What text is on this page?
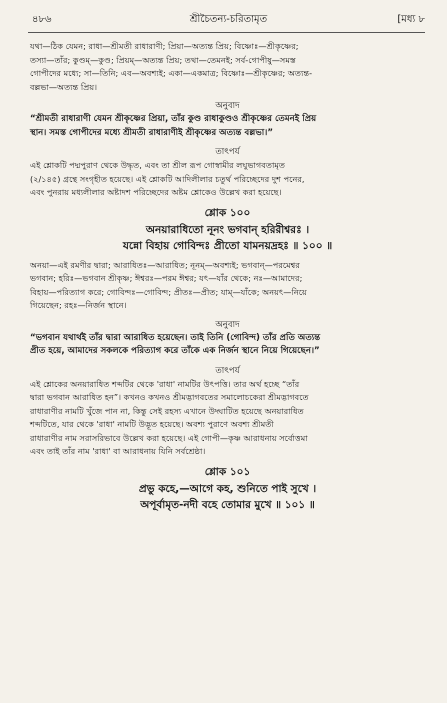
৪৮৬	শ্রীচৈতন্য-চরিতামৃত	[মধ্য ৮

যথা—ঠিক যেমন; রাধা—শ্রীমতী রাধারাণী; প্রিয়া—অত্যন্ত প্রিয়; বিষ্ণোঃ—শ্রীকৃষ্ণের;

তস্যা—তাঁর; কুণ্ডম্—কুণ্ড; প্রিয়ম্—অত্যন্ত প্রিয়; তথা—তেমনই; সর্ব-গোপীষু—সমস্ত

গোপীদের মধ্যে; সা—তিনি; এব—অবশ্যই; একা—একমাত্র; বিষ্ণোঃ—শ্রীকৃষ্ণের; অত্যন্ত-

বল্লভা—অত্যন্ত প্রিয়।

অনুবাদ

“শ্রীমতী রাধারাণী যেমন শ্রীকৃষ্ণের প্রিয়া, তাঁর কুণ্ড রাধাকুণ্ডও শ্রীকৃষ্ণের তেমনই প্রিয়

স্থান। সমস্ত গোপীদের মধ্যে শ্রীমতী রাধারাণীই শ্রীকৃষ্ণের অত্যন্ত বল্লভা।”

তাৎপর্য

এই শ্লোকটি পদ্মপুরাণ থেকে উদ্ধৃত, এবং তা শ্রীল রূপ গোস্বামীর লঘুভাগবতামৃত

(২/১৪৫) গ্রন্থে সংগৃহীত হয়েছে। এই শ্লোকটি আদিলীলার চতুর্থ পরিচ্ছেদের দুশ পনের,

এবং পুনরায় মধ্যলীলার অষ্টাদশ পরিচ্ছেদের অষ্টম শ্লোকেও উল্লেখ করা হয়েছে।

শ্লোক ১০০

অনয়ারাধিতো নূনং ভগবান্ হরিরীশ্বরঃ ।

যন্নো বিহায় গোবিন্দঃ প্রীতো যামনয়দ্রহঃ ॥ ১০০ ॥

অনয়া—এই রমণীর দ্বারা; আরাধিতঃ—আরাধিত; নূনম্—অবশ্যই; ভগবান্—পরমেশ্বর

ভগবান; হরিঃ—ভগবান শ্রীকৃষ্ণ; ঈশ্বরঃ—পরম ঈশ্বর; যৎ—যাঁর থেকে; নঃ—আমাদের;

বিহায়—পরিত্যাগ করে; গোবিন্দঃ—গোবিন্দ; প্রীতঃ—প্রীত; যাম্—যাঁকে; অনয়ৎ—নিয়ে

গিয়েছেন; রহঃ—নির্জন স্থানে।

অনুবাদ

“ভগবান যথার্থই তাঁর দ্বারা আরাধিত হয়েছেন। তাই তিনি (গোবিন্দ) তাঁর প্রতি অত্যন্ত

প্রীত হয়ে, আমাদের সকলকে পরিত্যাগ করে তাঁকে এক নির্জন স্থানে নিয়ে গিয়েছেন।”

তাৎপর্য

এই শ্লোকের অনয়ারাধিত শব্দটির থেকে 'রাধা' নামটির উৎপত্তি। তার অর্থ হচ্ছে “তাঁর

দ্বারা ভগবান আরাধিত হন”। কখনও কখনও শ্রীমদ্ভাগবতের সমালোচকেরা শ্রীমদ্ভাগবতে

রাধারাণীর নামটি খুঁজে পান না, কিন্তু সেই রহস্য এখানে উদ্ঘাটিত হয়েছে অনয়ারাধিত

শব্দটিতে, যার থেকে 'রাধা' নামটি উদ্ভূত হয়েছে। অবশ্য পুরাণে অবশ্য শ্রীমতী

রাধারাণীর নাম সরাসরিভাবে উল্লেখ করা হয়েছে। এই গোপী—কৃষ্ণ আরাধনায় সর্বোত্তমা

এবং তাই তাঁর নাম 'রাধা' বা আরাধনায় যিনি সর্বশ্রেষ্ঠা।

শ্লোক ১০১

প্রভু কহে,—আগে কহ, শুনিতে পাই সুখে ।

অপূর্বামৃত-নদী বহে তোমার মুখে ॥ ১০১ ॥
